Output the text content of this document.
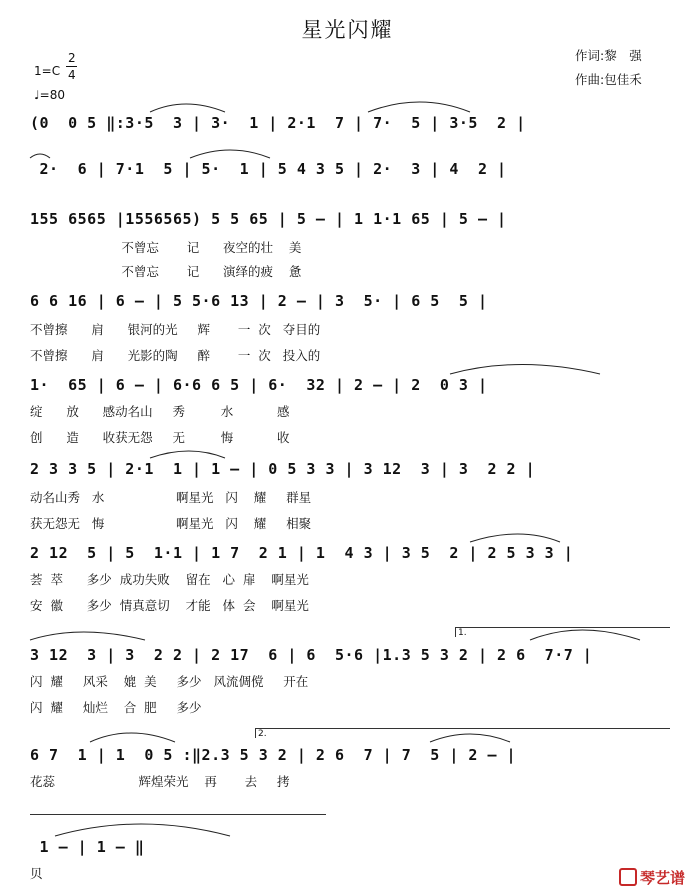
星光闪耀
1=C
2
4
♩=80
作词:黎　强
作曲:包佳禾
(0  0 5 ‖:3·5  3 | 3·  1 | 2·1  7 | 7·  5 | 3·5  2 |
2·  6 | 7·1  5 | 5·  1 | 5 4 3 5 | 2·  3 | 4  2 |
155 6565 |1556565) 5 5 65 | 5 — | 1 1·1 65 | 5 — |
不曾忘       记      夜空的壮    美
不曾忘       记      演绎的疲    惫
6 6 16 | 6 — | 5 5·6 13 | 2 — | 3  5· | 6 5  5 |
不曾擦      肩      银河的光     辉       一  次   夺目的
不曾擦      肩      光影的陶     醉       一  次   投入的
1·  65 | 6 — | 6·6 6 5 | 6·  32 | 2 — | 2  0 3 |
绽      放      感动名山     秀         水           感
创      造      收获无怨     无         悔           收
2 3 3 5 | 2·1  1 | 1 — | 0 5 3 3 | 3 12  3 | 3  2 2 |
动名山秀   水                  啊星光   闪    耀     群星
获无怨无   悔                  啊星光   闪    耀     相聚
2 12  5 | 5  1·1 | 1 7  2 1 | 1  4 3 | 3 5  2 | 2 5 3 3 |
荟  萃      多少  成功失败    留在   心  扉    啊星光
安  徽      多少  情真意切    才能   体  会    啊星光
1.
3 12  3 | 3  2 2 | 2 17  6 | 6  5·6 |1.3 5 3 2 | 2 6  7·7 |
闪  耀     风采    媲  美     多少   风流倜傥     开在
闪  耀     灿烂    合  肥     多少
2.
6 7  1 | 1  0 5 :‖2.3 5 3 2 | 2 6  7 | 7  5 | 2 — |
花蕊                     辉煌荣光    再       去     拷
1 — | 1 — ‖
贝	琴艺谱
